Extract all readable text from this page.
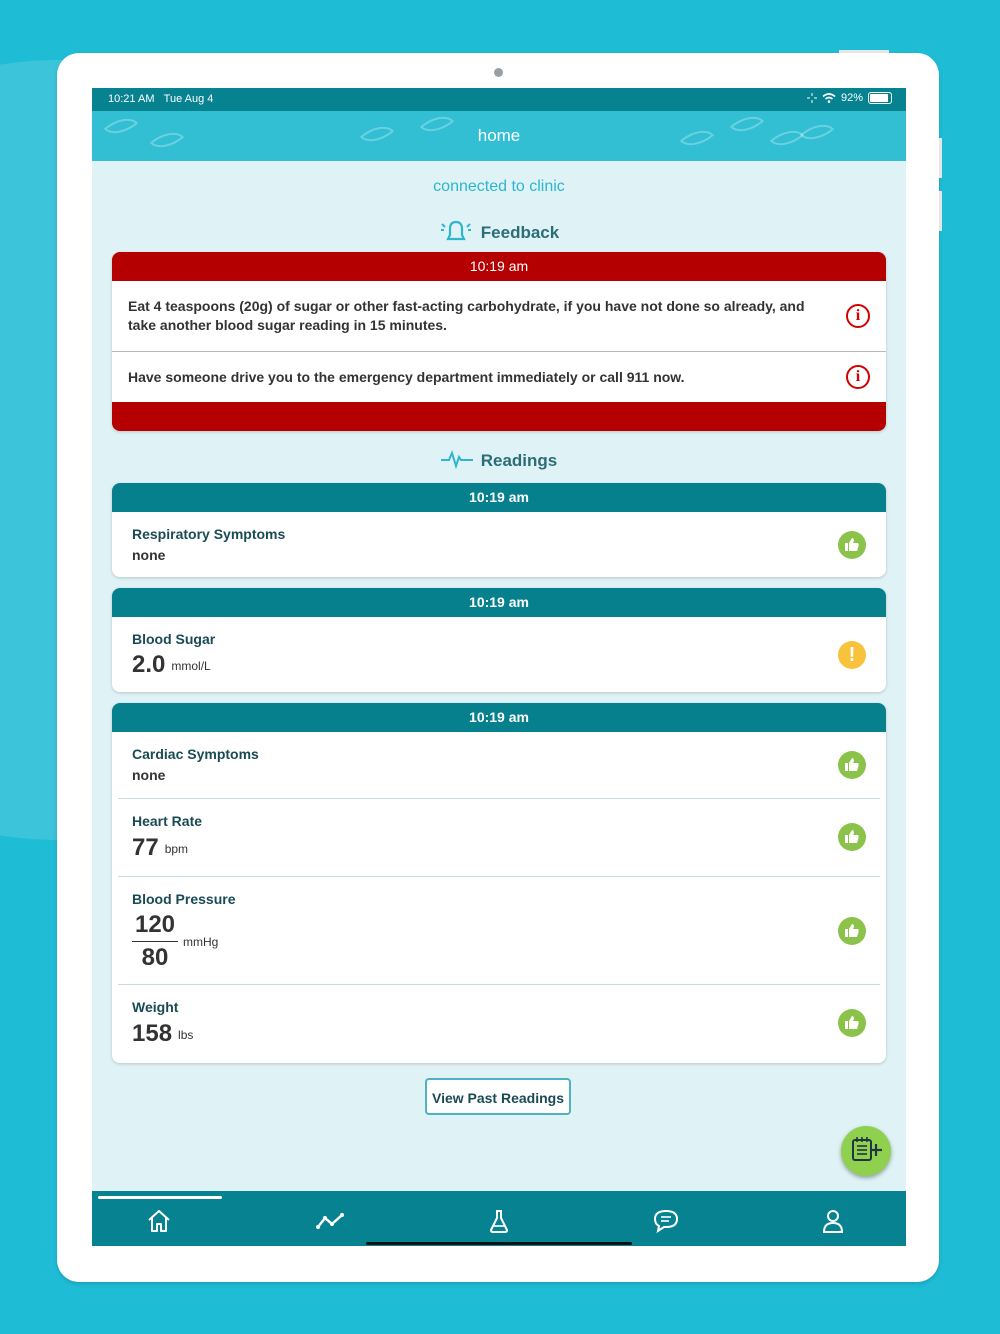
10:21 AM Tue Aug 4	92%
home
connected to clinic
Feedback
10:19 am
Eat 4 teaspoons (20g) of sugar or other fast-acting carbohydrate, if you have not done so already, and take another blood sugar reading in 15 minutes.
i
Have someone drive you to the emergency department immediately or call 911 now.	i
Readings
10:19 am
Respiratory Symptoms
none
10:19 am
Blood Sugar
2.0 mmol/L	!
10:19 am
Cardiac Symptoms
none
Heart Rate
77 bpm
Blood Pressure
120
80
mmHg
Weight
158 lbs
View Past Readings
